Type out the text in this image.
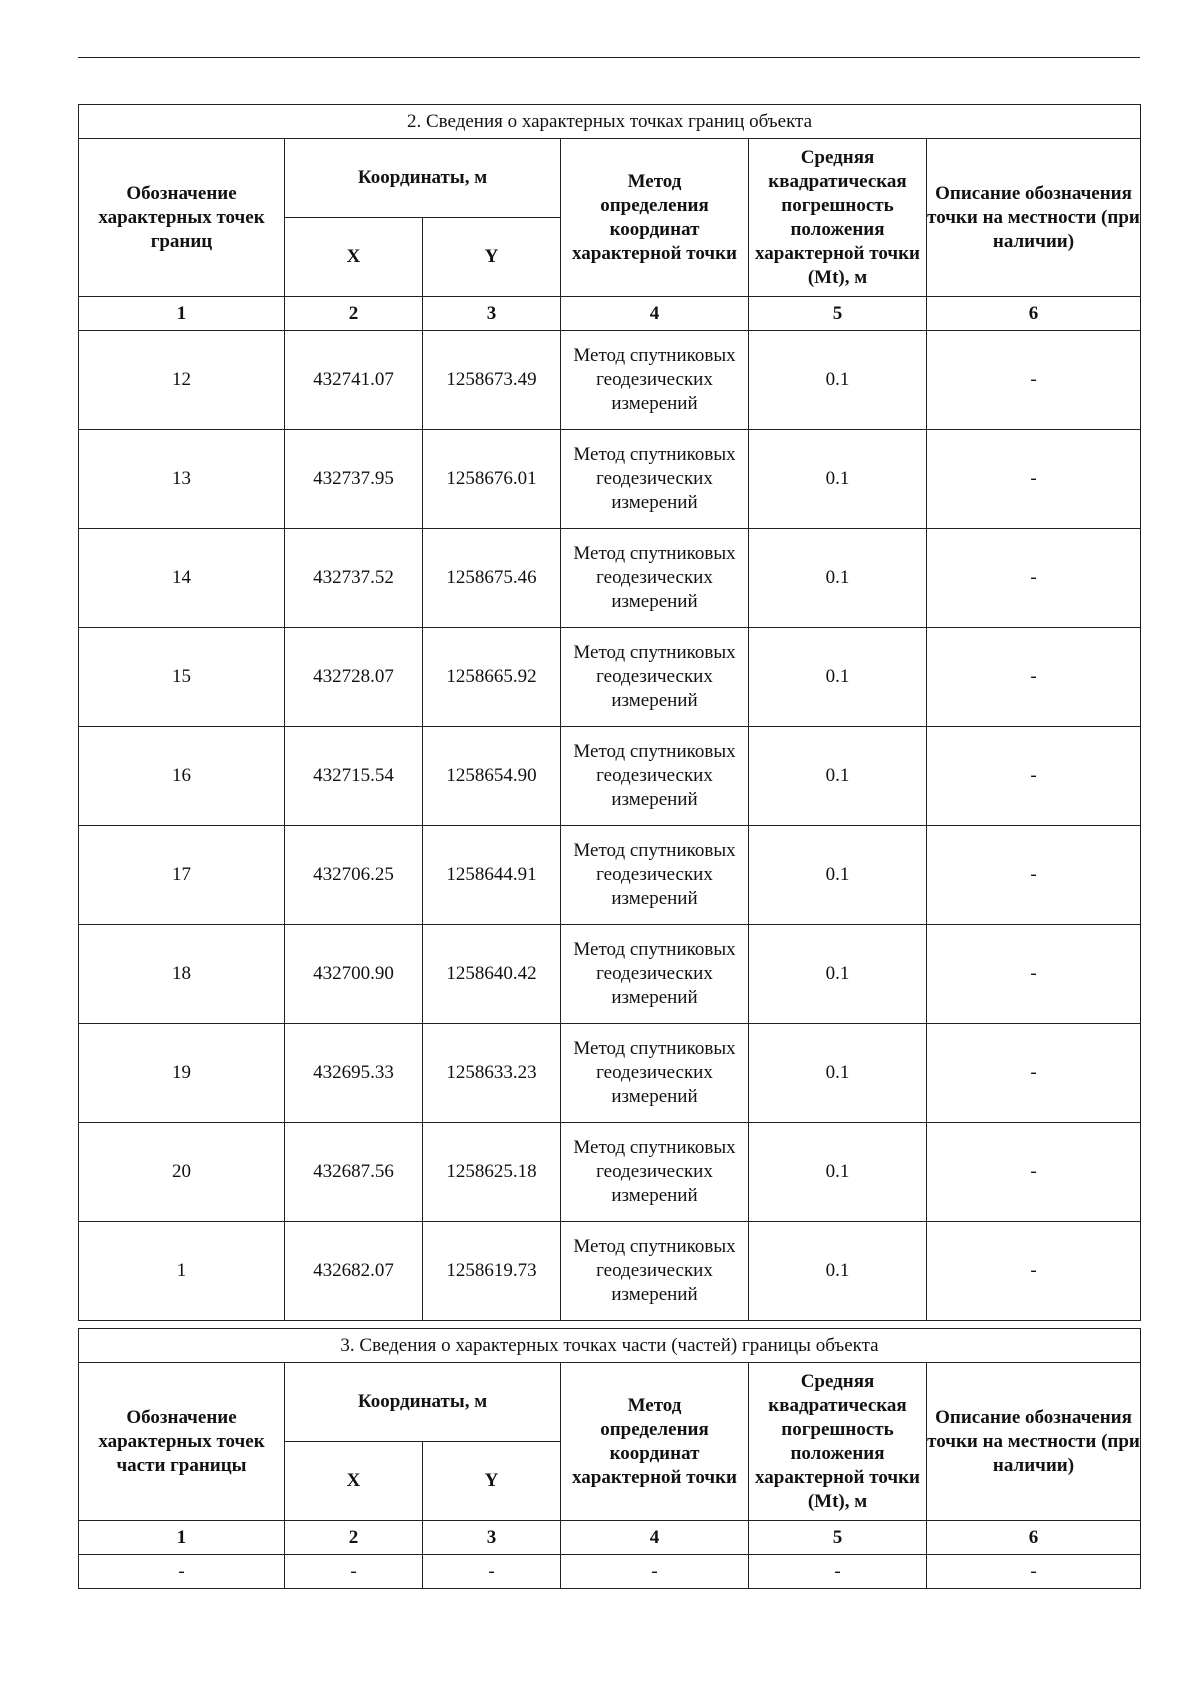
2. Сведения о характерных точках границ объекта					
Обозначение характерных точек границ	Координаты, м		Метод определения координат характерной точки	Средняя квадратическая погрешность положения характерной точки (Mt), м	Описание обозначения точки на местности (при наличии)
	X	Y			
1	2	3	4	5	6
12	432741.07	1258673.49	Метод спутниковых геодезических измерений	0.1	-
13	432737.95	1258676.01	Метод спутниковых геодезических измерений	0.1	-
14	432737.52	1258675.46	Метод спутниковых геодезических измерений	0.1	-
15	432728.07	1258665.92	Метод спутниковых геодезических измерений	0.1	-
16	432715.54	1258654.90	Метод спутниковых геодезических измерений	0.1	-
17	432706.25	1258644.91	Метод спутниковых геодезических измерений	0.1	-
18	432700.90	1258640.42	Метод спутниковых геодезических измерений	0.1	-
19	432695.33	1258633.23	Метод спутниковых геодезических измерений	0.1	-
20	432687.56	1258625.18	Метод спутниковых геодезических измерений	0.1	-
1	432682.07	1258619.73	Метод спутниковых геодезических измерений	0.1	-
3. Сведения о характерных точках части (частей) границы объекта					
Обозначение характерных точек части границы	Координаты, м		Метод определения координат характерной точки	Средняя квадратическая погрешность положения характерной точки (Mt), м	Описание обозначения точки на местности (при наличии)
	X	Y			
1	2	3	4	5	6
-	-	-	-	-	-
